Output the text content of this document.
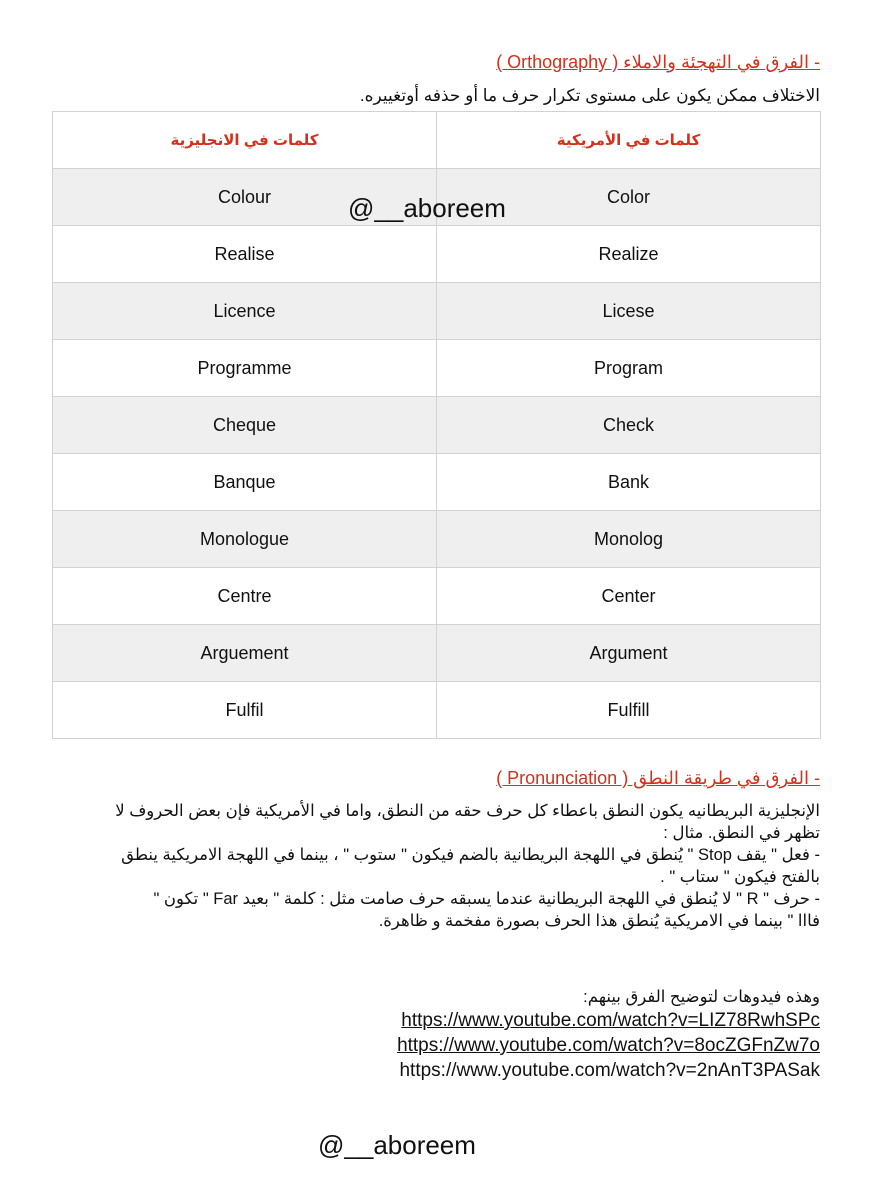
- الفرق في التهجئة والاملاء ( Orthography )
الاختلاف ممكن يكون على مستوى تكرار حرف ما أو حذفه أوتغييره.
كلمات في الانجليزية	كلمات في الأمريكية
Colour	Color
Realise	Realize
Licence	Licese
Programme	Program
Cheque	Check
Banque	Bank
Monologue	Monolog
Centre	Center
Arguement	Argument
Fulfil	Fulfill
@__aboreem
- الفرق في طريقة النطق ( Pronunciation )
الإنجليزية البريطانيه يكون النطق باعطاء كل حرف حقه من النطق، واما في الأمريكية فإن بعض الحروف لا
تظهر في النطق. مثال :
- فعل " يقف Stop " يُنطق في اللهجة البريطانية بالضم فيكون " ستوب " ، بينما في اللهجة الامريكية ينطق
بالفتح فيكون " ستاب " .
- حرف " R " لا يُنطق في اللهجة البريطانية عندما يسبقه حرف صامت مثل : كلمة " بعيد Far " تكون "
فااا " بينما في الامريكية يُنطق هذا الحرف بصورة مفخمة و ظاهرة.
وهذه فيدوهات لتوضيح الفرق بينهم:
https://www.youtube.com/watch?v=LIZ78RwhSPc
https://www.youtube.com/watch?v=8ocZGFnZw7o
https://www.youtube.com/watch?v=2nAnT3PASak
@__aboreem
